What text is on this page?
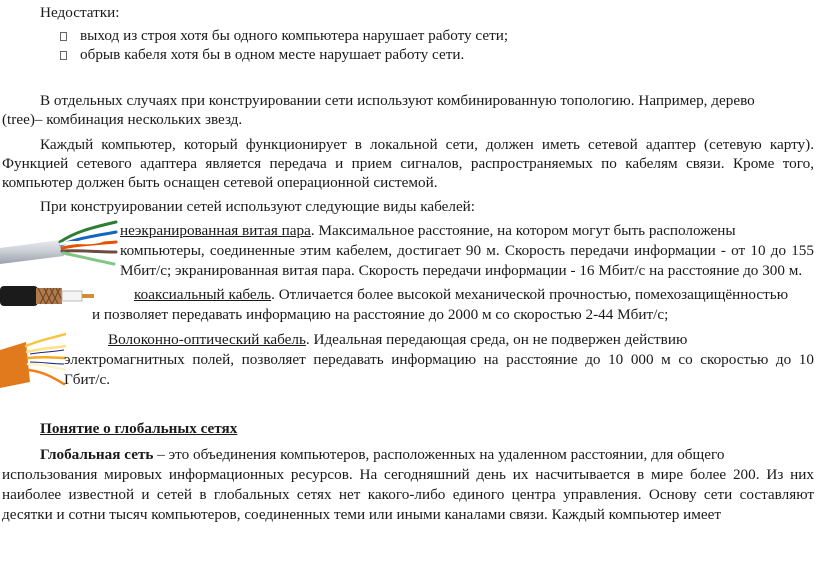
Недостатки:
выход из строя хотя бы одного компьютера нарушает работу сети;
обрыв кабеля хотя бы в одном месте нарушает работу сети.
В отдельных случаях при конструировании сети используют комбинированную топологию. Например, дерево
(tree)– комбинация нескольких звезд.
Каждый компьютер, который функционирует в локальной сети, должен иметь сетевой адаптер (сетевую карту).
Функцией сетевого адаптера является передача и прием сигналов, распространяемых по кабелям связи. Кроме того,
компьютер должен быть оснащен сетевой операционной системой.
При конструировании сетей используют следующие виды кабелей:
неэкранированная витая пара. Максимальное расстояние, на котором могут быть расположены
компьютеры, соединенные этим кабелем, достигает 90 м. Скорость передачи информации - от 10 до 155
Мбит/с; экранированная витая пара. Скорость передачи информации - 16 Мбит/с на расстояние до 300 м.
коаксиальный кабель. Отличается более высокой механической прочностью, помехозащищённостью
и позволяет передавать информацию на расстояние до 2000 м со скоростью 2-44 Мбит/с;
Волоконно-оптический кабель. Идеальная передающая среда, он не подвержен действию
электромагнитных полей, позволяет передавать информацию на расстояние до 10 000 м со скоростью до 10
Гбит/с.
Понятие о глобальных сетях
Глобальная сеть – это объединения компьютеров, расположенных на удаленном расстоянии, для общего
использования мировых информационных ресурсов. На сегодняшний день их насчитывается в мире более 200. Из них
наиболее известной и сетей в глобальных сетях нет какого-либо единого центра управления. Основу сети составляют
десятки и сотни тысяч компьютеров, соединенных теми или иными каналами связи. Каждый компьютер имеет
